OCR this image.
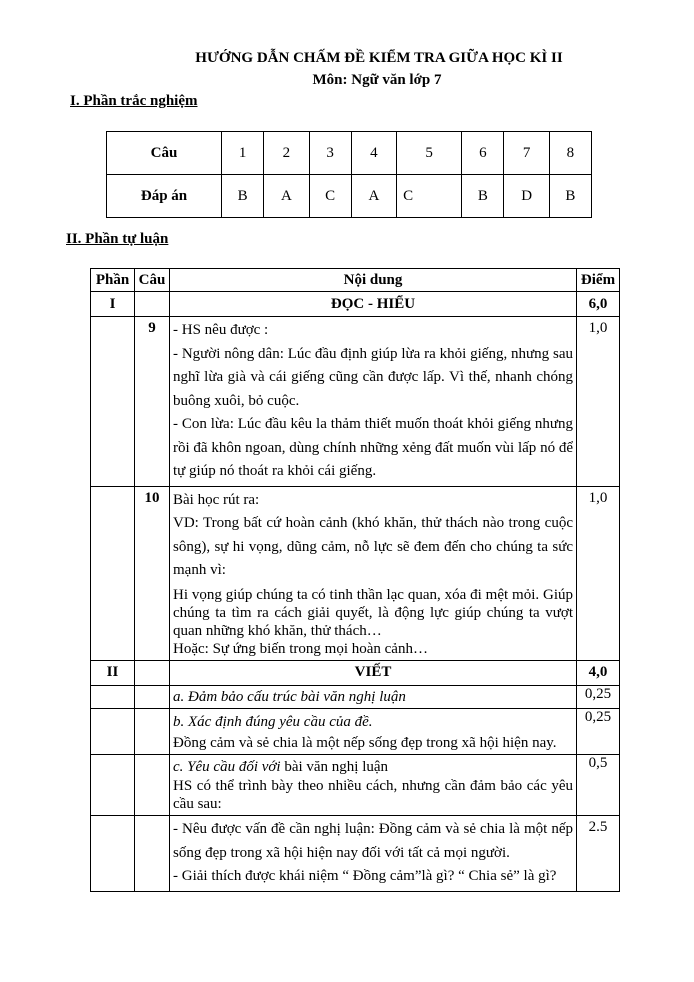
HƯỚNG DẪN CHẤM ĐỀ KIỂM TRA GIỮA HỌC KÌ II
Môn: Ngữ văn lớp 7
I. Phần trắc nghiệm
Câu	1	2	3	4	5	6	7	8
Đáp án	B	A	C	A	C	B	D	B
II. Phần tự luận
Phần	Câu	Nội dung	Điểm
I		ĐỌC - HIỂU	6,0
	9	- HS nêu được :

- Người nông dân: Lúc đầu định giúp lừa ra khỏi giếng, nhưng sau nghĩ lừa già và cái giếng cũng cần được lấp. Vì thế, nhanh chóng buông xuôi, bỏ cuộc.

- Con lừa: Lúc đầu kêu la thảm thiết muốn thoát khỏi giếng nhưng rồi đã khôn ngoan, dùng chính những xẻng đất muốn vùi lấp nó để tự giúp nó thoát ra khỏi cái giếng.	1,0
	10	Bài học rút ra:

VD: Trong bất cứ hoàn cảnh (khó khăn, thử thách nào trong cuộc sông), sự hi vọng, dũng cảm, nỗ lực sẽ đem đến cho chúng ta sức mạnh vì:

Hi vọng giúp chúng ta có tinh thần lạc quan, xóa đi mệt mỏi. Giúp chúng ta tìm ra cách giải quyết, là động lực giúp chúng ta vượt quan những khó khăn, thử thách…

Hoặc: Sự ứng biến trong mọi hoàn cảnh…	1,0
II		VIẾT	4,0

		a. Đảm bảo cấu trúc bài văn nghị luận	0,25

		b. Xác định đúng yêu cầu của đề.

Đồng cảm và sẻ chia là một nếp sống đẹp trong xã hội hiện nay.	0,25

		c. Yêu cầu đối với bài văn nghị luận

HS có thể trình bày theo nhiều cách, nhưng cần đảm bảo các yêu cầu sau:	0,5

		- Nêu được vấn đề cần nghị luận: Đồng cảm và sẻ chia là một nếp sống đẹp trong xã hội hiện nay đối với tất cả mọi người.

- Giải thích được khái niệm “ Đồng cảm”là gì? “ Chia sẻ” là gì?	2.5
